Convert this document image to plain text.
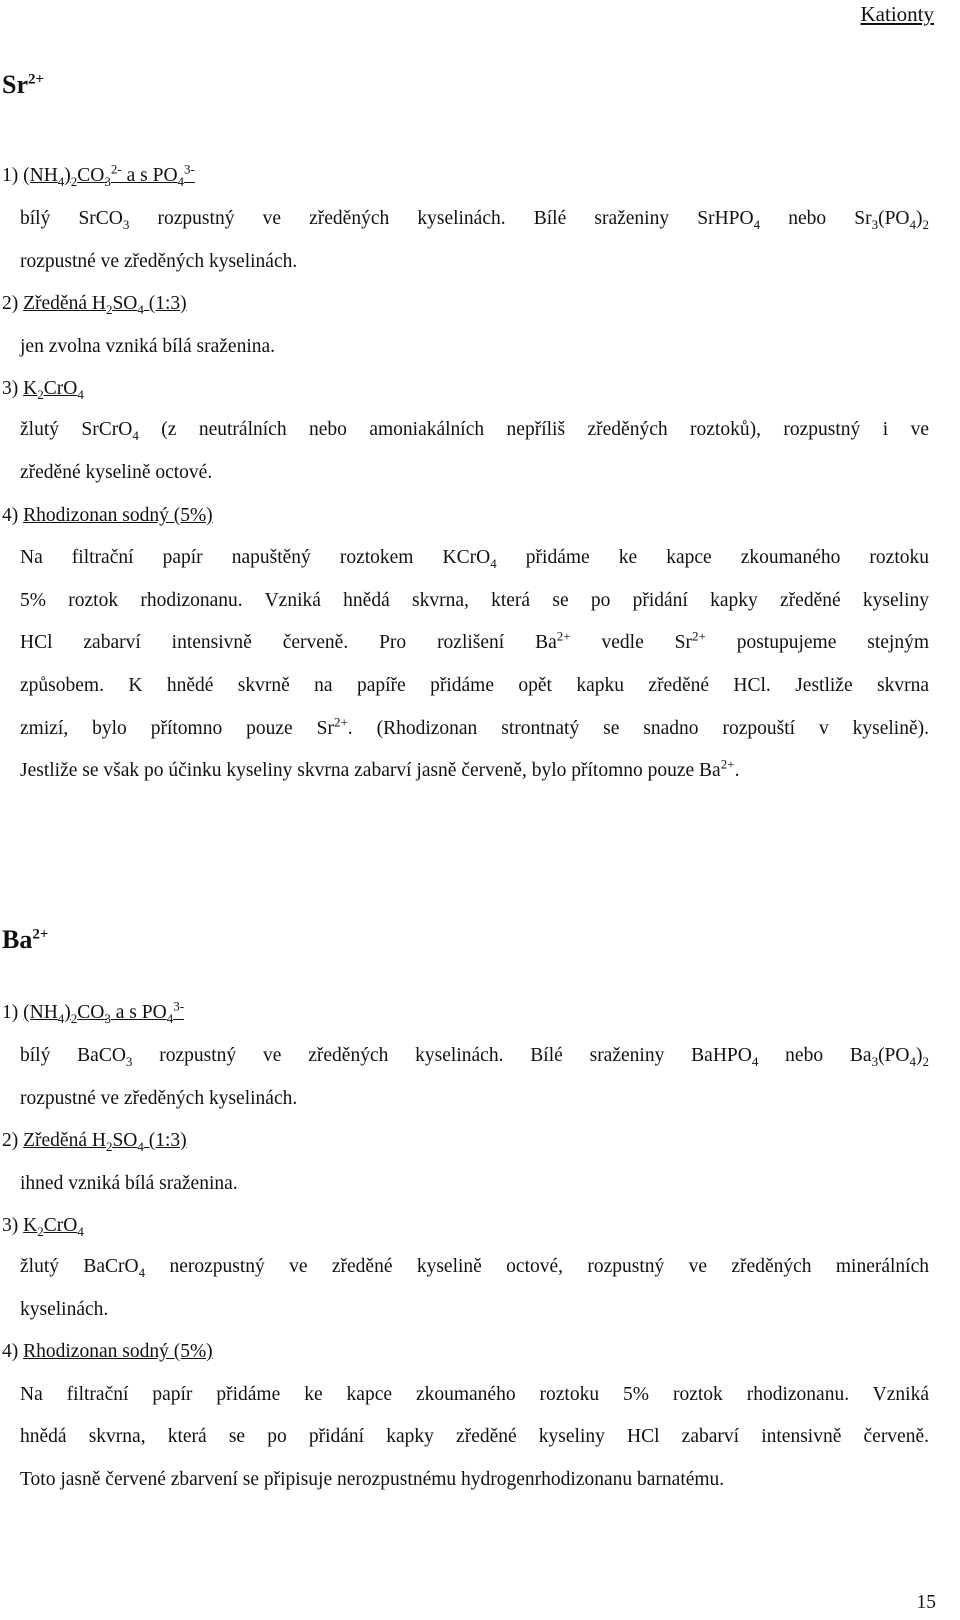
Kationty
$Sr^{2+}$
1) $(NH_4)_2CO_3^{2-}$ a s $PO_4^{3-}$
bílý SrCO$_3$ rozpustný ve zředěných kyselinách. Bílé sraženiny SrHPO$_4$ nebo $Sr_3(PO_4)_2$
rozpustné ve zředěných kyselinách.
2) Zředěná $H_2SO_4$ (1:3)
jen zvolna vzniká bílá sraženina.
3) $K_2CrO_4$
žlutý SrCrO$_4$ (z neutrálních nebo amoniakálních nepříliš zředěných roztoků), rozpustný i ve
zředěné kyselině octové.
4) Rhodizonan sodný (5%)
Na filtrační papír napuštěný roztokem KCrO$_4$ přidáme ke kapce zkoumaného roztoku
5% roztok rhodizonanu. Vzniká hnědá skvrna, která se po přidání kapky zředěné kyseliny
HCl zabarví intensivně červeně. Pro rozlišení $Ba^{2+}$ vedle $Sr^{2+}$ postupujeme stejným
způsobem. K hnědé skvrně na papíře přidáme opět kapku zředěné HCl. Jestliže skvrna
zmizí, bylo přítomno pouze $Sr^{2+}$. (Rhodizonan strontnatý se snadno rozpouští v kyselině).
Jestliže se však po účinku kyseliny skvrna zabarví jasně červeně, bylo přítomno pouze $Ba^{2+}$.
$Ba^{2+}$
1) $(NH_4)_2CO_3$ a s $PO_4^{3-}$
bílý BaCO$_3$ rozpustný ve zředěných kyselinách. Bílé sraženiny BaHPO$_4$ nebo $Ba_3(PO_4)_2$
rozpustné ve zředěných kyselinách.
2) Zředěná $H_2SO_4$ (1:3)
ihned vzniká bílá sraženina.
3) $K_2CrO_4$
žlutý BaCrO$_4$ nerozpustný ve zředěné kyselině octové, rozpustný ve zředěných minerálních
kyselinách.
4) Rhodizonan sodný (5%)
Na filtrační papír přidáme ke kapce zkoumaného roztoku 5% roztok rhodizonanu. Vzniká
hnědá skvrna, která se po přidání kapky zředěné kyseliny HCl zabarví intensivně červeně.
Toto jasně červené zbarvení se připisuje nerozpustnému hydrogenrhodizonanu barnatému.
15
